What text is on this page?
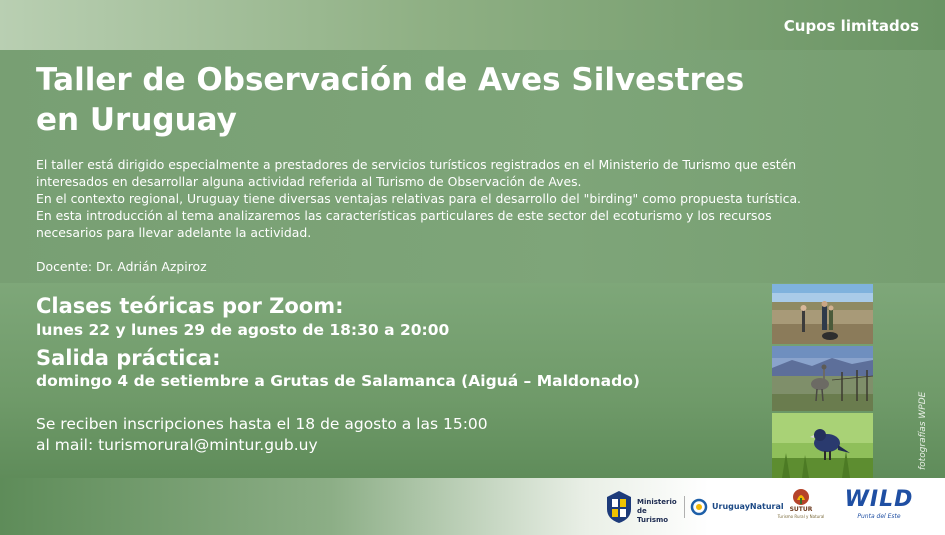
Cupos limitados
Taller de Observación de Aves Silvestres
en Uruguay

El taller está dirigido especialmente a prestadores de servicios turísticos registrados en el Ministerio de Turismo que estén

interesados en desarrollar alguna actividad referida al Turismo de Observación de Aves.

En el contexto regional, Uruguay tiene diversas ventajas relativas para el desarrollo del "birding" como propuesta turística.

En esta introducción al tema analizaremos las características particulares de este sector del ecoturismo y los recursos

necesarios para llevar adelante la actividad.

Docente: Dr. Adrián Azpiroz
Clases teóricas por Zoom:
lunes 22 y lunes 29 de agosto de 18:30 a 20:00
Salida práctica:
domingo 4 de setiembre a Grutas de Salamanca (Aiguá – Maldonado)
Se reciben inscripciones hasta el 18 de agosto a las 15:00
al mail: turismorural@mintur.gub.uy	fotografías WPDE
Ministerio
de Turismo
UruguayNatural SUTUR
Turismo Rural y Natural
WILD
Punta del Este
